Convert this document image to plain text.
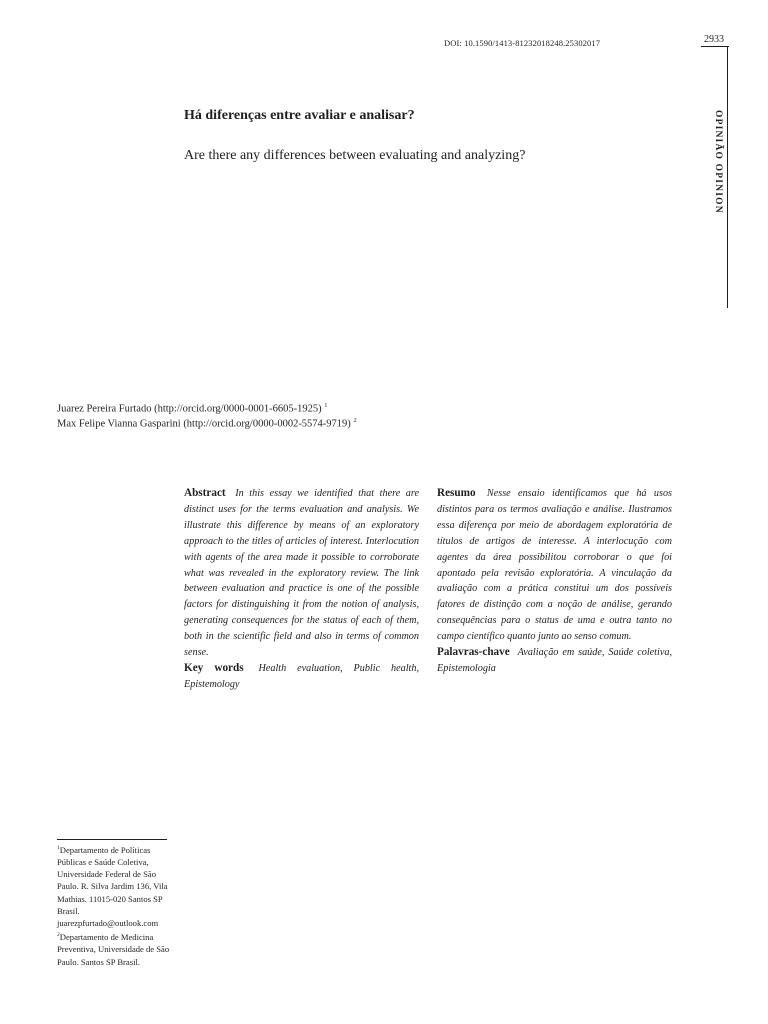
DOI: 10.1590/1413-81232018248.25302017	2933
OPINIÃO OPINION
Há diferenças entre avaliar e analisar?
Are there any differences between evaluating and analyzing?
Juarez Pereira Furtado (http://orcid.org/0000-0001-6605-1925) $^1$
Max Felipe Vianna Gasparini (http://orcid.org/0000-0002-5574-9719) $^2$

Abstract In this essay we identified that there are distinct uses for the terms evaluation and analysis. We illustrate this difference by means of an exploratory approach to the titles of articles of interest. Interlocution with agents of the area made it possible to corroborate what was revealed in the exploratory review. The link between evaluation and practice is one of the possible factors for distinguishing it from the notion of analysis, generating consequences for the status of each of them, both in the scientific field and also in terms of common sense.

Key words Health evaluation, Public health, Epistemology

Resumo Nesse ensaio identificamos que há usos distintos para os termos avaliação e análise. Ilustramos essa diferença por meio de abordagem exploratória de títulos de artigos de interesse. A interlocução com agentes da área possibilitou corroborar o que foi apontado pela revisão exploratória. A vinculação da avaliação com a prática constitui um dos possíveis fatores de distinção com a noção de análise, gerando consequências para o status de uma e outra tanto no campo científico quanto junto ao senso comum.

Palavras-chave Avaliação em saúde, Saúde coletiva, Epistemologia

$^1$Departamento de Políticas Públicas e Saúde Coletiva, Universidade Federal de São Paulo. R. Silva Jardim 136, Vila Mathias. 11015-020 Santos SP Brasil. juarezpfurtado@outlook.com
$^2$Departamento de Medicina Preventiva, Universidade de São Paulo. Santos SP Brasil.
